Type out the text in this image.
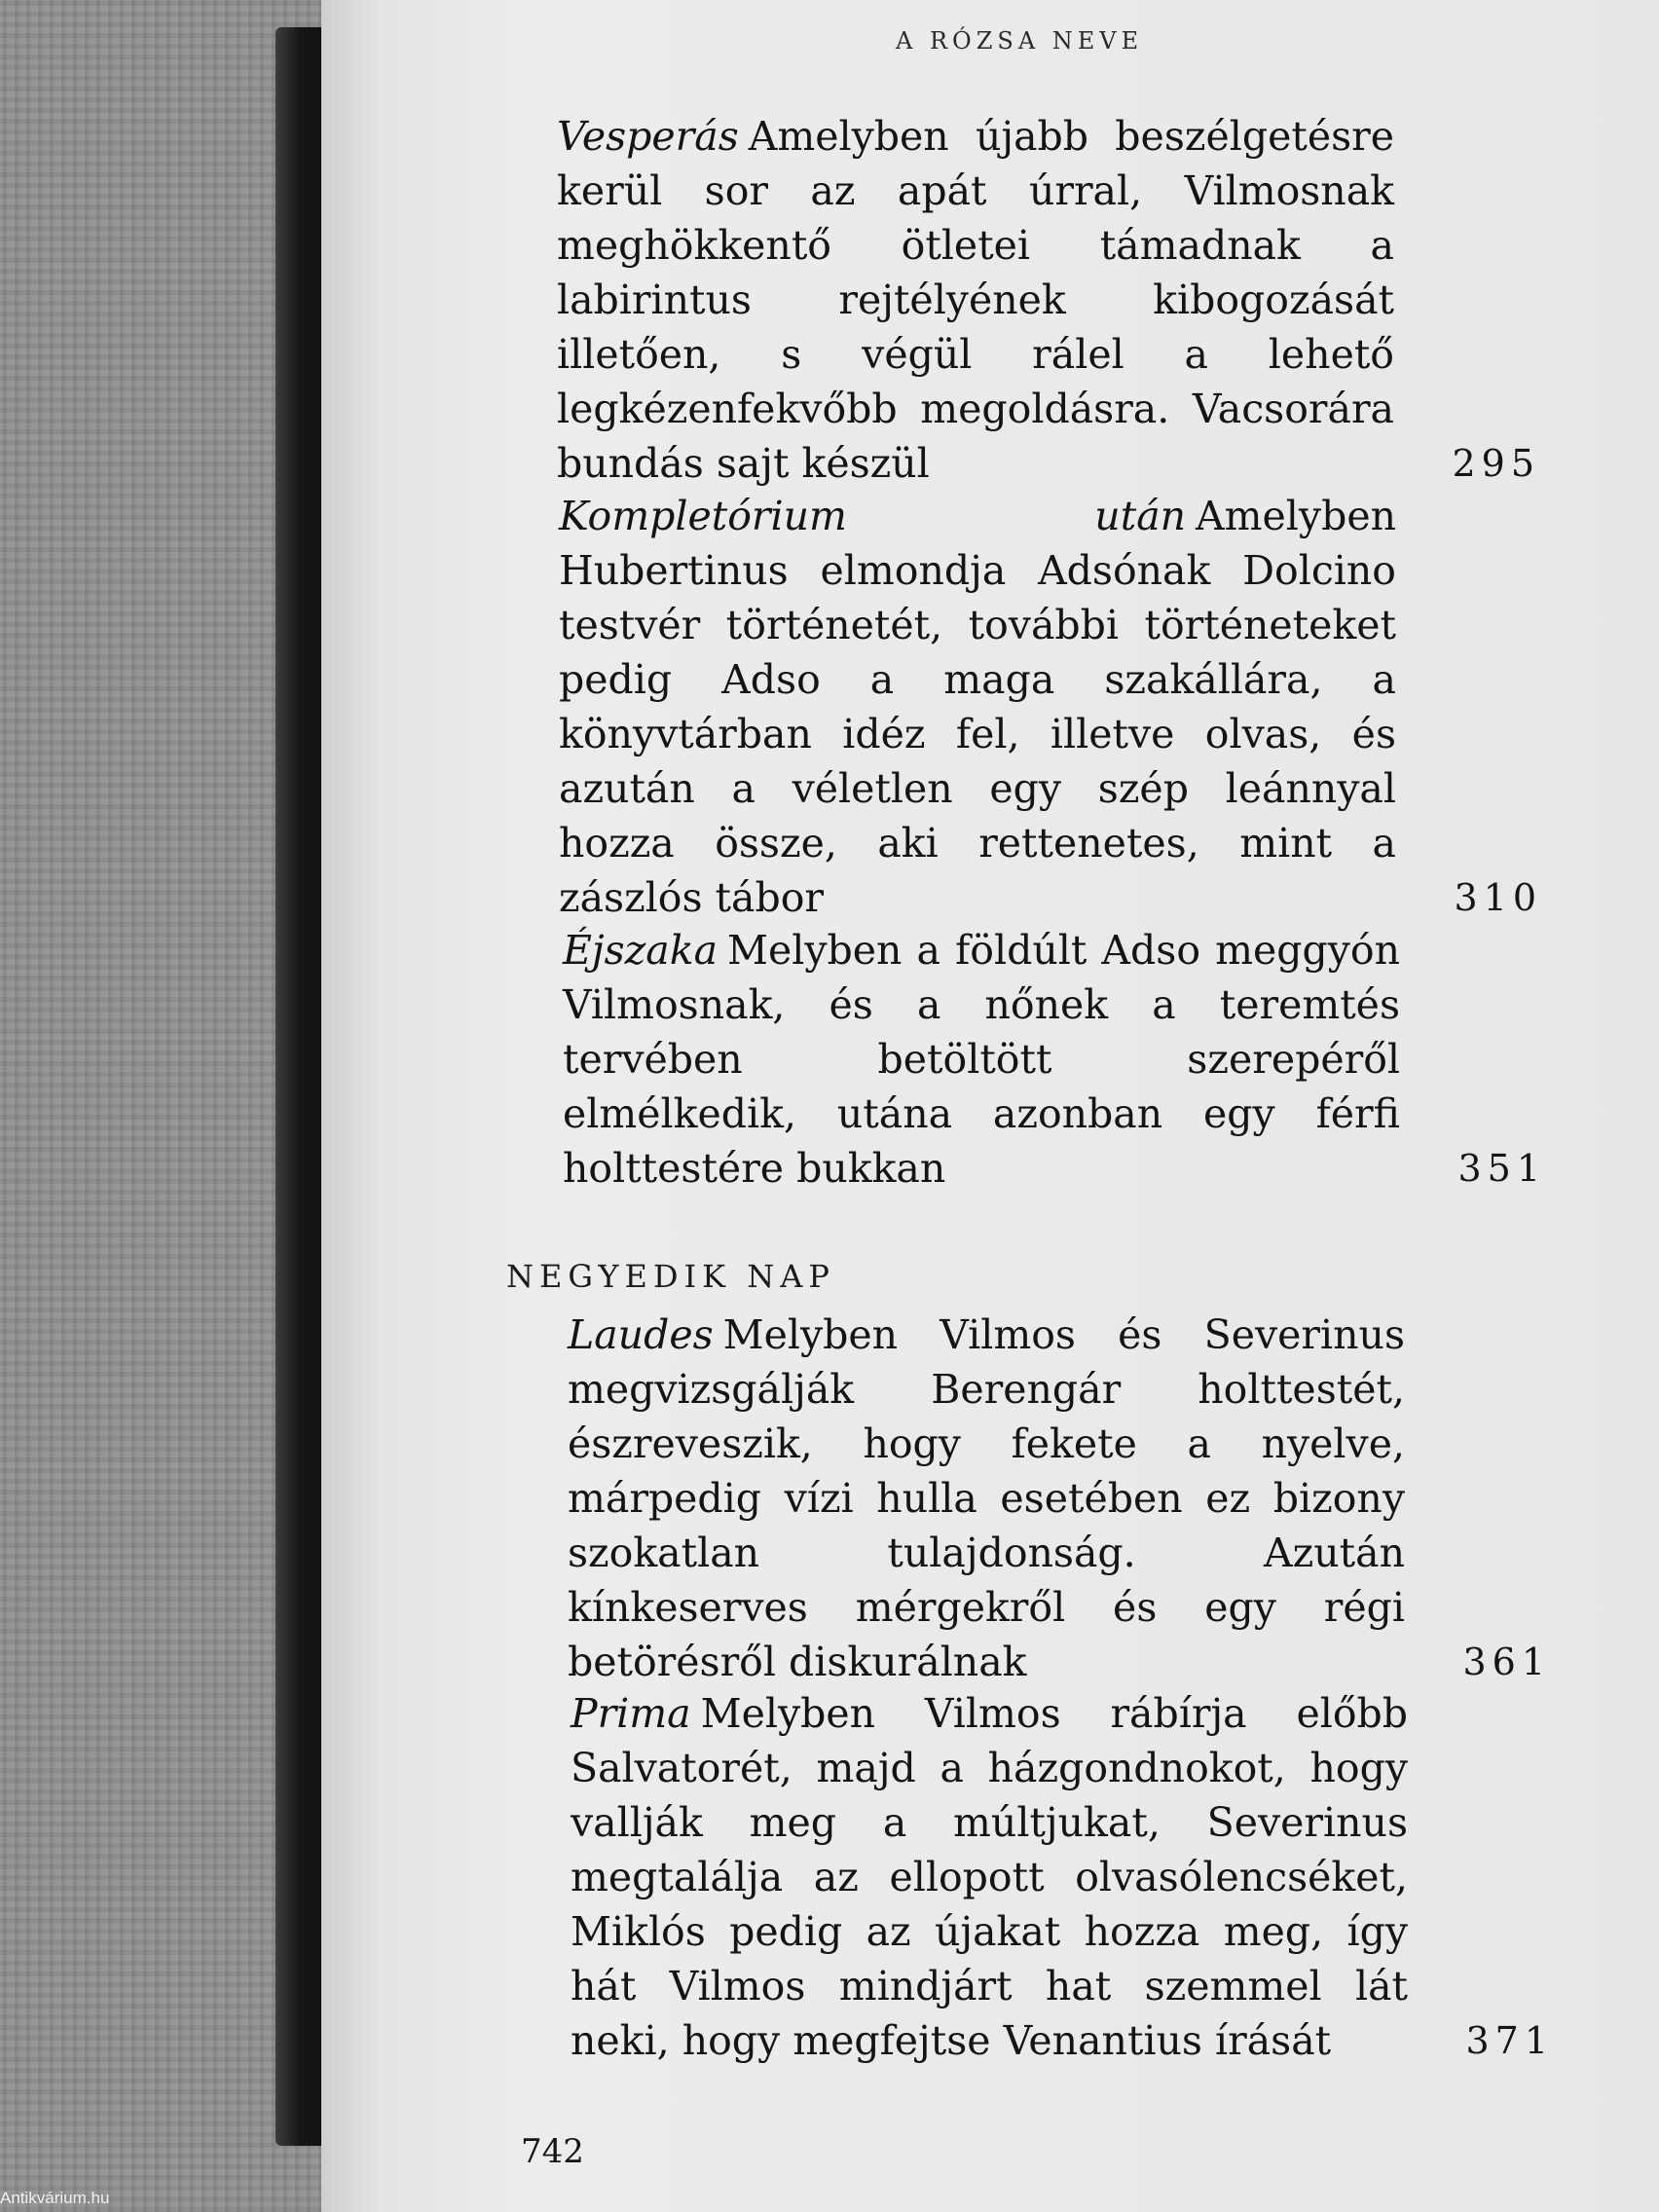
A RÓZSA NEVE
Vesperás Amelyben újabb beszélgetésre kerül sor az apát úrral, Vilmosnak meghökkentő ötletei támadnak a labirintus rejtélyének kibogozását illetően, s végül rálel a lehető legkézenfekvőbb megoldásra. Vacsorára bundás sajt készül	295
Kompletórium után Amelyben Hubertinus elmondja Adsónak Dolcino testvér történetét, további történeteket pedig Adso a maga szakállára, a könyvtárban idéz fel, illetve olvas, és azután a véletlen egy szép leánnyal hozza össze, aki rettenetes, mint a zászlós tábor	310
Éjszaka Melyben a földúlt Adso meggyón Vilmosnak, és a nőnek a teremtés tervében betöltött szerepéről elmélkedik, utána azonban egy férfi holttestére bukkan	351
NEGYEDIK NAP
Laudes Melyben Vilmos és Severinus megvizsgálják Berengár holttestét, észreveszik, hogy fekete a nyelve, márpedig vízi hulla esetében ez bizony szokatlan tulajdonság. Azután kínkeserves mérgekről és egy régi betörésről diskurálnak	361
Prima Melyben Vilmos rábírja előbb Salvatorét, majd a házgondnokot, hogy vallják meg a múltjukat, Severinus megtalálja az ellopott olvasólencséket, Miklós pedig az újakat hozza meg, így hát Vilmos mindjárt hat szemmel lát neki, hogy megfejtse Venantius írását	371
742
Antikvárium.hu
